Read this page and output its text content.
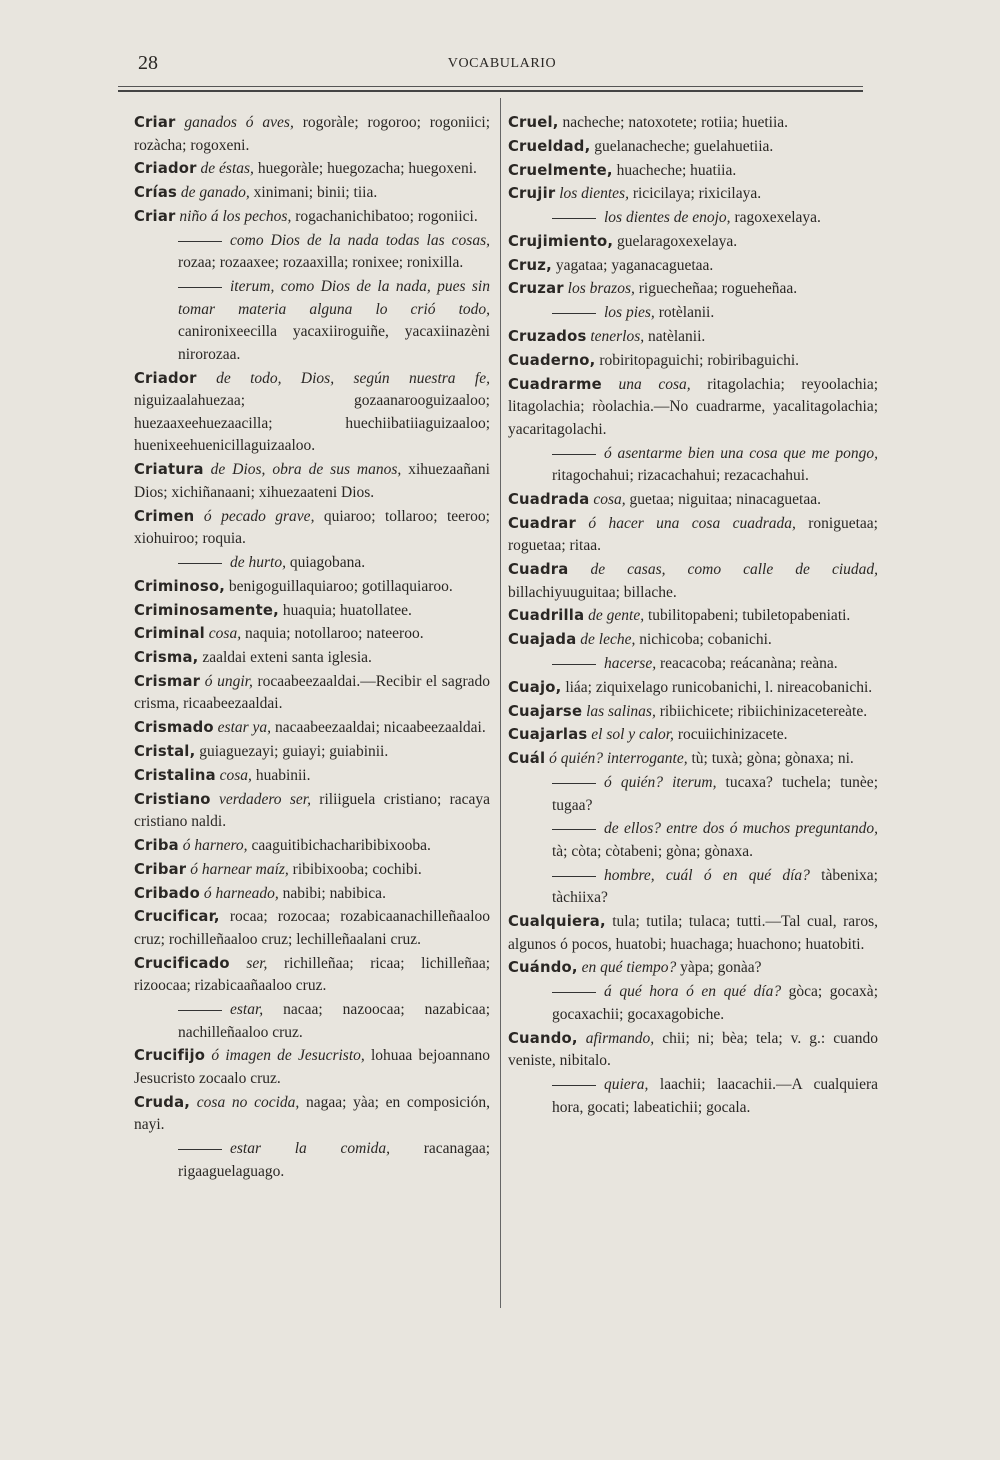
28	VOCABULARIO

Criar ganados ó aves, rogoràle; rogoroo; rogoniici; rozàcha; rogoxeni.

Criador de éstas, huegoràle; huegozacha; huegoxeni.

Crías de ganado, xinimani; binii; tiia.

Criar niño á los pechos, rogachanichibatoo; rogoniici.

como Dios de la nada todas las cosas, rozaa; rozaaxee; rozaaxilla; ronixee; ronixilla.

iterum, como Dios de la nada, pues sin tomar materia alguna lo crió todo, canironixeecilla yacaxiiroguiñe, yacaxiinazèni nirorozaa.

Criador de todo, Dios, según nuestra fe, niguizaalahuezaa; gozaanarooguizaaloo; huezaaxeehuezaacilla; huechiibatiiaguizaaloo; huenixeehuenicillaguizaaloo.

Criatura de Dios, obra de sus manos, xihuezaañani Dios; xichiñanaani; xihuezaateni Dios.

Crimen ó pecado grave, quiaroo; tollaroo; teeroo; xiohuiroo; roquia.

de hurto, quiagobana.

Criminoso, benigoguillaquiaroo; gotillaquiaroo.

Criminosamente, huaquia; huatollatee.

Criminal cosa, naquia; notollaroo; nateeroo.

Crisma, zaaldai exteni santa iglesia.

Crismar ó ungir, rocaabeezaaldai.—Recibir el sagrado crisma, ricaabeezaaldai.

Crismado estar ya, nacaabeezaaldai; nicaabeezaaldai.

Cristal, guiaguezayi; guiayi; guiabinii.

Cristalina cosa, huabinii.

Cristiano verdadero ser, riliiguela cristiano; racaya cristiano naldi.

Criba ó harnero, caaguitibichacharibibixooba.

Cribar ó harnear maíz, ribibixooba; cochibi.

Cribado ó harneado, nabibi; nabibica.

Crucificar, rocaa; rozocaa; rozabicaanachilleñaaloo cruz; rochilleñaaloo cruz; lechilleñaalani cruz.

Crucificado ser, richilleñaa; ricaa; lichilleñaa; rizoocaa; rizabicaañaaloo cruz.

estar, nacaa; nazoocaa; nazabicaa; nachilleñaaloo cruz.

Crucifijo ó imagen de Jesucristo, lohuaa bejoannano Jesucristo zocaalo cruz.

Cruda, cosa no cocida, nagaa; yàa; en composición, nayi.

estar la comida, racanagaa; rigaaguelaguago.

Cruel, nacheche; natoxotete; rotiia; huetiia.

Crueldad, guelanacheche; guelahuetiia.

Cruelmente, huacheche; huatiia.

Crujir los dientes, ricicilaya; rixicilaya.

los dientes de enojo, ragoxexelaya.

Crujimiento, guelaragoxexelaya.

Cruz, yagataa; yaganacaguetaa.

Cruzar los brazos, riguecheñaa; rogueheñaa.

los pies, rotèlanii.

Cruzados tenerlos, natèlanii.

Cuaderno, robiritopaguichi; robiribaguichi.

Cuadrarme una cosa, ritagolachia; reyoolachia; litagolachia; ròolachia.—No cuadrarme, yacalitagolachia; yacaritagolachi.

ó asentarme bien una cosa que me pongo, ritagochahui; rizacachahui; rezacachahui.

Cuadrada cosa, guetaa; niguitaa; ninacaguetaa.

Cuadrar ó hacer una cosa cuadrada, roniguetaa; roguetaa; ritaa.

Cuadra de casas, como calle de ciudad, billachiyuuguitaa; billache.

Cuadrilla de gente, tubilitopabeni; tubiletopabeniati.

Cuajada de leche, nichicoba; cobanichi.

hacerse, reacacoba; reácanàna; reàna.

Cuajo, liáa; ziquixelago runicobanichi, l. nireacobanichi.

Cuajarse las salinas, ribiichicete; ribiichinizacetereàte.

Cuajarlas el sol y calor, rocuiichinizacete.

Cuál ó quién? interrogante, tù; tuxà; gòna; gònaxa; ni.

ó quién? iterum, tucaxa? tuchela; tunèe; tugaa?

de ellos? entre dos ó muchos preguntando, tà; còta; còtabeni; gòna; gònaxa.

hombre, cuál ó en qué día? tàbenixa; tàchiixa?

Cualquiera, tula; tutila; tulaca; tutti.—Tal cual, raros, algunos ó pocos, huatobi; huachaga; huachono; huatobiti.

Cuándo, en qué tiempo? yàpa; gonàa?

á qué hora ó en qué día? gòca; gocaxà; gocaxachii; gocaxagobiche.

Cuando, afirmando, chii; ni; bèa; tela; v. g.: cuando veniste, nibitalo.

quiera, laachii; laacachii.—A cualquiera hora, gocati; labeatichii; gocala.
